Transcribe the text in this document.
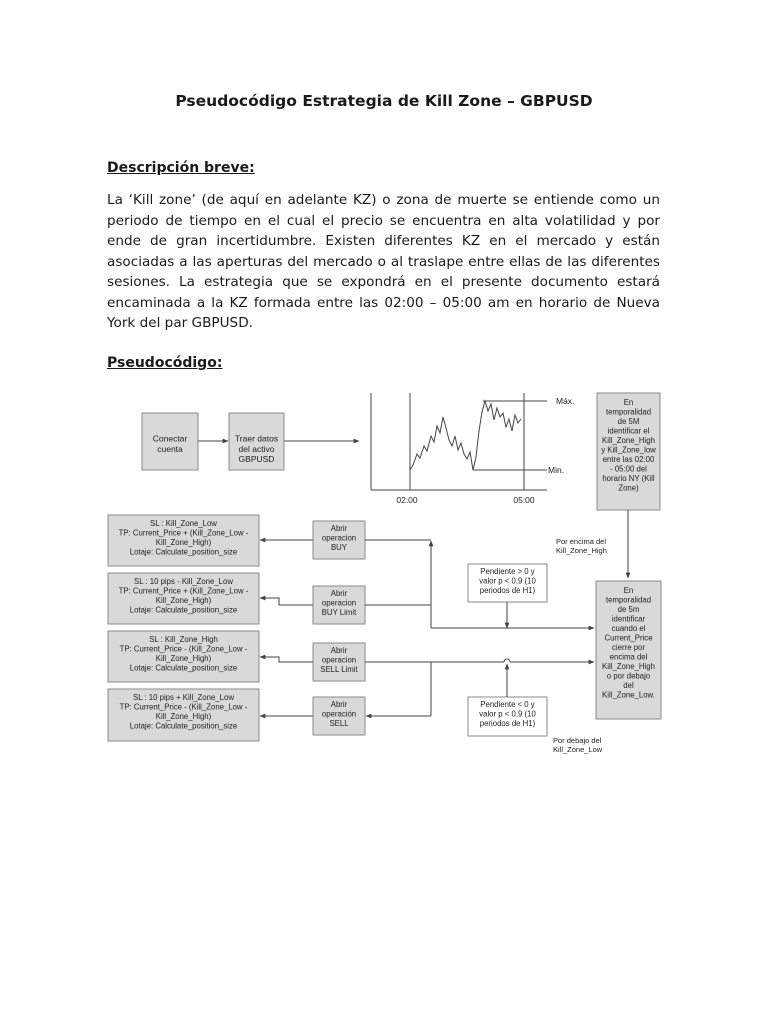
Pseudocódigo Estrategia de Kill Zone – GBPUSD
Descripción breve:

La ‘Kill zone’ (de aquí en adelante KZ) o zona de muerte se entiende como un periodo de tiempo en el cual el precio se encuentra en alta volatilidad y por ende de gran incertidumbre. Existen diferentes KZ en el mercado y están asociadas a las aperturas del mercado o al traslape entre ellas de las diferentes sesiones. La estrategia que se expondrá en el presente documento estará encaminada a la KZ formada entre las 02:00 – 05:00 am en horario de Nueva York del par GBPUSD.

Pseudocódigo:
Conectar cuenta
Traer datos del activo GBPUSD
Máx.
Min.
02:00	05:00
En temporalidad de 5M identificar el Kill_Zone_High y Kill_Zone_low entre las 02:00 - 05:00 del horario NY (Kill Zone)
En temporalidad de 5m identificar cuando el Current_Price cierre por encima del Kill_Zone_High o por debajo del Kill_Zone_Low.
Por encima del Kill_Zone_High
Por debajo del Kill_Zone_Low
Pendiente > 0 y valor p < 0,9 (10 periodos de H1)
Pendiente < 0 y valor p < 0,9 (10 periodos de H1)
Abrir operacion BUY
Abrir operacion BUY Limit
Abrir operacion SELL Limit
Abrir operación SELL
SL : Kill_Zone_Low TP: Current_Price + (Kill_Zone_Low -Kill_Zone_High) Lotaje: Calculate_position_size
SL : 10 pips - Kill_Zone_Low TP: Current_Price + (Kill_Zone_Low -Kill_Zone_High) Lotaje: Calculate_position_size
SL : Kill_Zone_High TP: Current_Price - (Kill_Zone_Low -Kill_Zone_High) Lotaje: Calculate_position_size
SL : 10 pips + Kill_Zone_Low TP: Current_Price - (Kill_Zone_Low -Kill_Zone_High) Lotaje: Calculate_position_size
